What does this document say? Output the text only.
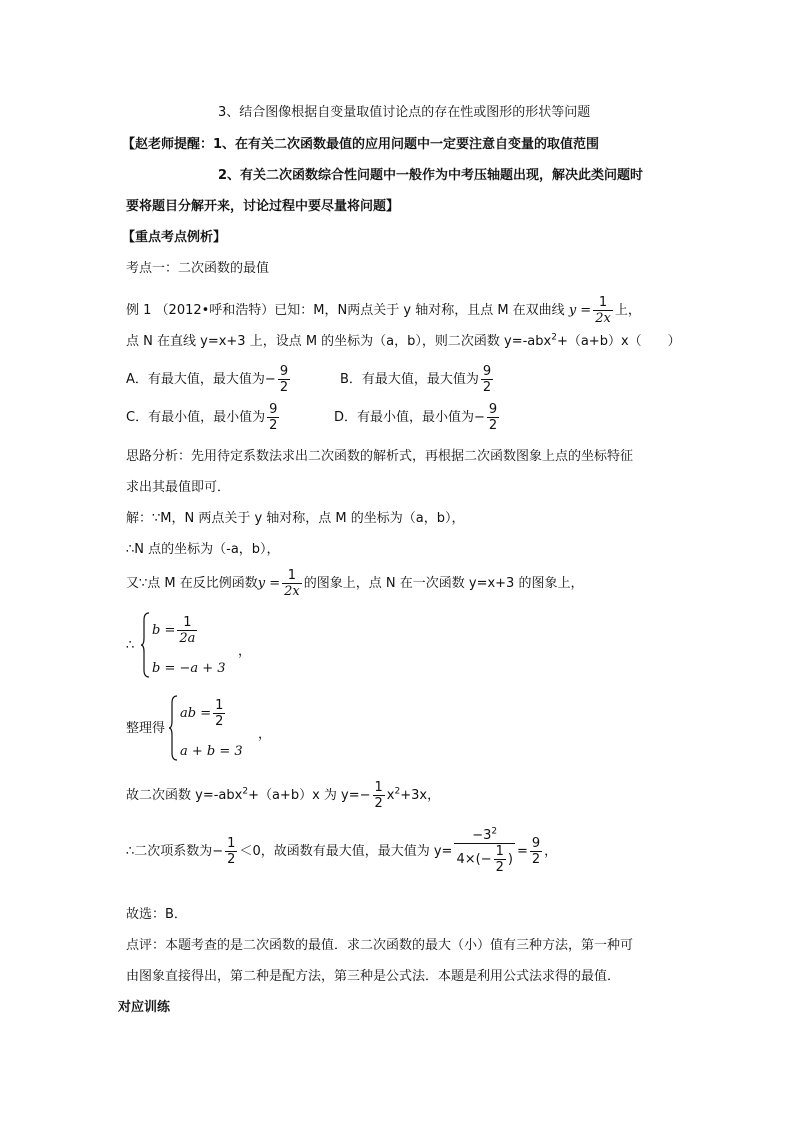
3、结合图像根据自变量取值讨论点的存在性或图形的形状等问题
【赵老师提醒：1、在有关二次函数最值的应用问题中一定要注意自变量的取值范围
2、有关二次函数综合性问题中一般作为中考压轴题出现，解决此类问题时
要将题目分解开来，讨论过程中要尽量将问题】
【重点考点例析】
考点一：二次函数的最值
例 1 （2012•呼和浩特）已知：M，N两点关于 y 轴对称，且点 M 在双曲线 $y = \frac{1}{2x}$ 上，
点 N 在直线 y=x+3 上，设点 M 的坐标为（a，b），则二次函数 y=-abx$^2$+（a+b）x（　　）
A．有最大值，最大值为− $\frac{9}{2}$	B．有最大值，最大值为 $\frac{9}{2}$
C．有最小值，最小值为 $\frac{9}{2}$	D．有最小值，最小值为− $\frac{9}{2}$
思路分析：先用待定系数法求出二次函数的解析式，再根据二次函数图象上点的坐标特征
求出其最值即可．
解：∵M，N 两点关于 y 轴对称，点 M 的坐标为（a，b），
∴N 点的坐标为（-a，b），
又∵点 M 在反比例函数$y = \frac{1}{2x}$ 的图象上，点 N 在一次函数 y=x+3 的图象上，
∴
$b = \frac{1}{2a}$
b = −a + 3
，
整理得
ab = $\frac{1}{2}$
a + b = 3
，
故二次函数 y=-abx$^2$+（a+b）x 为 $y=- \frac{1}{2} x^2+3x$，
∴二次项系数为− $\frac{1}{2} <0$，故函数有最大值，最大值为 $y= \frac{-3^2}{4\times(- \frac{1}{2} )} = \frac{9}{2}$ ，
故选：B．
点评：本题考查的是二次函数的最值．求二次函数的最大（小）值有三种方法，第一种可
由图象直接得出，第二种是配方法，第三种是公式法．本题是利用公式法求得的最值．
对应训练
